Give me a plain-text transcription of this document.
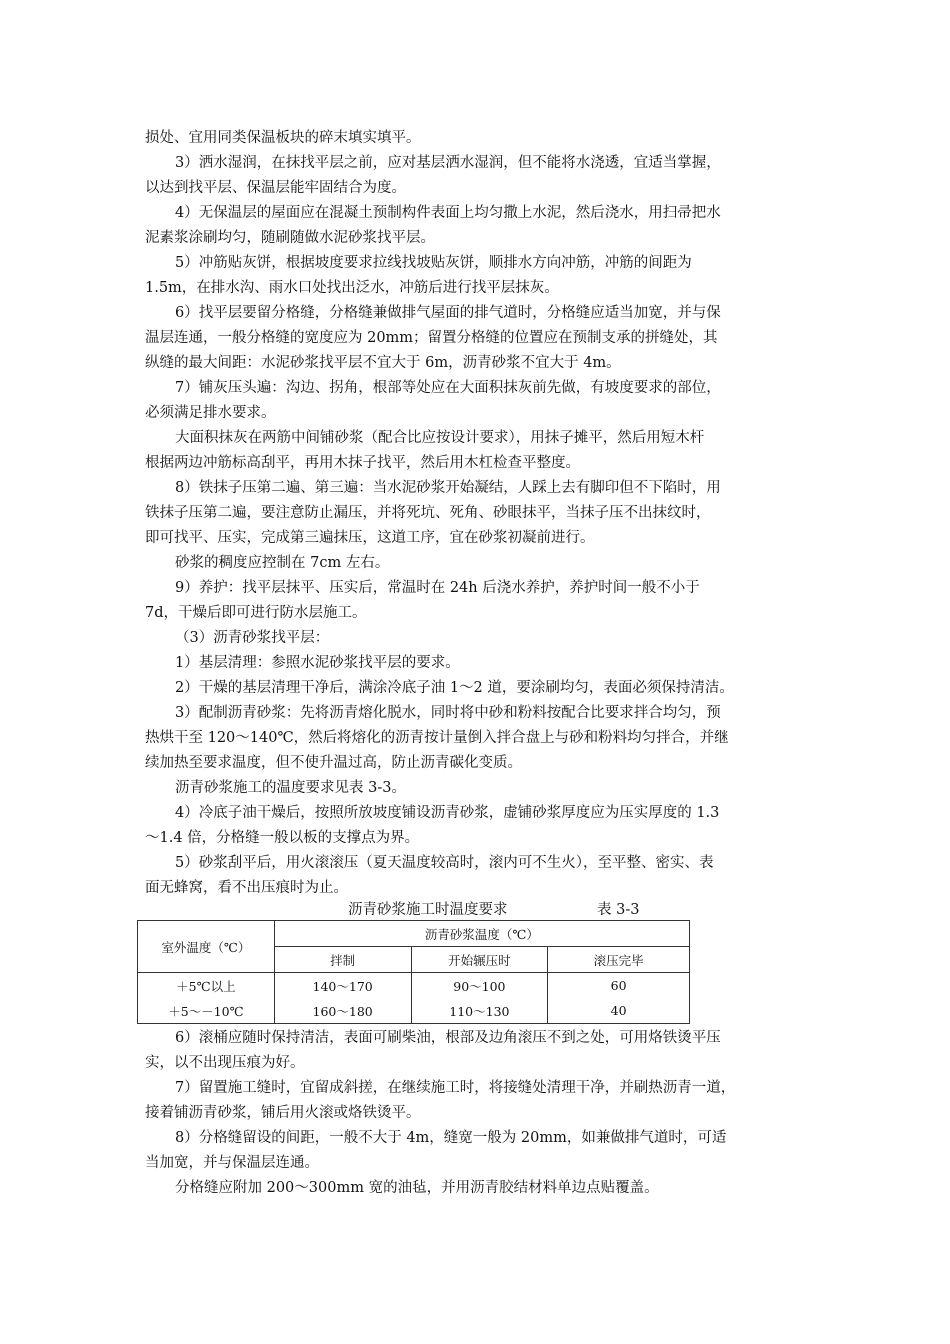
损处、宜用同类保温板块的碎末填实填平。
3）洒水湿润，在抹找平层之前，应对基层洒水湿润，但不能将水浇透，宜适当掌握，
以达到找平层、保温层能牢固结合为度。
4）无保温层的屋面应在混凝土预制构件表面上均匀撒上水泥，然后浇水，用扫帚把水
泥素浆涂刷均匀，随刷随做水泥砂浆找平层。
5）冲筋贴灰饼，根据坡度要求拉线找坡贴灰饼，顺排水方向冲筋，冲筋的间距为
1.5m，在排水沟、雨水口处找出泛水，冲筋后进行找平层抹灰。
6）找平层要留分格缝，分格缝兼做排气屋面的排气道时，分格缝应适当加宽，并与保
温层连通，一般分格缝的宽度应为 20mm；留置分格缝的位置应在预制支承的拼缝处，其
纵缝的最大间距：水泥砂浆找平层不宜大于 6m，沥青砂浆不宜大于 4m。
7）铺灰压头遍：沟边、拐角，根部等处应在大面积抹灰前先做，有坡度要求的部位，
必须满足排水要求。
大面积抹灰在两筋中间铺砂浆（配合比应按设计要求），用抹子摊平，然后用短木杆
根据两边冲筋标高刮平，再用木抹子找平，然后用木杠检查平整度。
8）铁抹子压第二遍、第三遍：当水泥砂浆开始凝结，人踩上去有脚印但不下陷时，用
铁抹子压第二遍，要注意防止漏压，并将死坑、死角、砂眼抹平，当抹子压不出抹纹时，
即可找平、压实，完成第三遍抹压，这道工序，宜在砂浆初凝前进行。
砂浆的稠度应控制在 7cm 左右。
9）养护：找平层抹平、压实后，常温时在 24h 后浇水养护，养护时间一般不小于
7d，干燥后即可进行防水层施工。
（3）沥青砂浆找平层：
1）基层清理：参照水泥砂浆找平层的要求。
2）干燥的基层清理干净后，满涂冷底子油 1～2 道，要涂刷均匀，表面必须保持清洁。
3）配制沥青砂浆：先将沥青熔化脱水，同时将中砂和粉料按配合比要求拌合均匀，预
热烘干至 120～140℃，然后将熔化的沥青按计量倒入拌合盘上与砂和粉料均匀拌合，并继
续加热至要求温度，但不使升温过高，防止沥青碳化变质。
沥青砂浆施工的温度要求见表 3-3。
4）冷底子油干燥后，按照所放坡度铺设沥青砂浆，虚铺砂浆厚度应为压实厚度的 1.3
～1.4 倍，分格缝一般以板的支撑点为界。
5）砂浆刮平后，用火滚滚压（夏天温度较高时，滚内可不生火），至平整、密实、表
面无蜂窝，看不出压痕时为止。
6）滚桶应随时保持清洁，表面可刷柴油，根部及边角滚压不到之处，可用烙铁烫平压
实，以不出现压痕为好。
7）留置施工缝时，宜留成斜搓，在继续施工时，将接缝处清理干净，并刷热沥青一道，
接着铺沥青砂浆，铺后用火滚或烙铁烫平。
8）分格缝留设的间距，一般不大于 4m，缝宽一般为 20mm，如兼做排气道时，可适
当加宽，并与保温层连通。
分格缝应附加 200～300mm 宽的油毡，并用沥青胶结材料单边点贴覆盖。
沥青砂浆施工时温度要求	表 3-3
室外温度（℃）	沥青砂浆温度（℃）		
	拌制	开始辗压时	滚压完毕
＋5℃以上	140～170	90～100	60
＋5～－10℃	160～180	110～130	40
